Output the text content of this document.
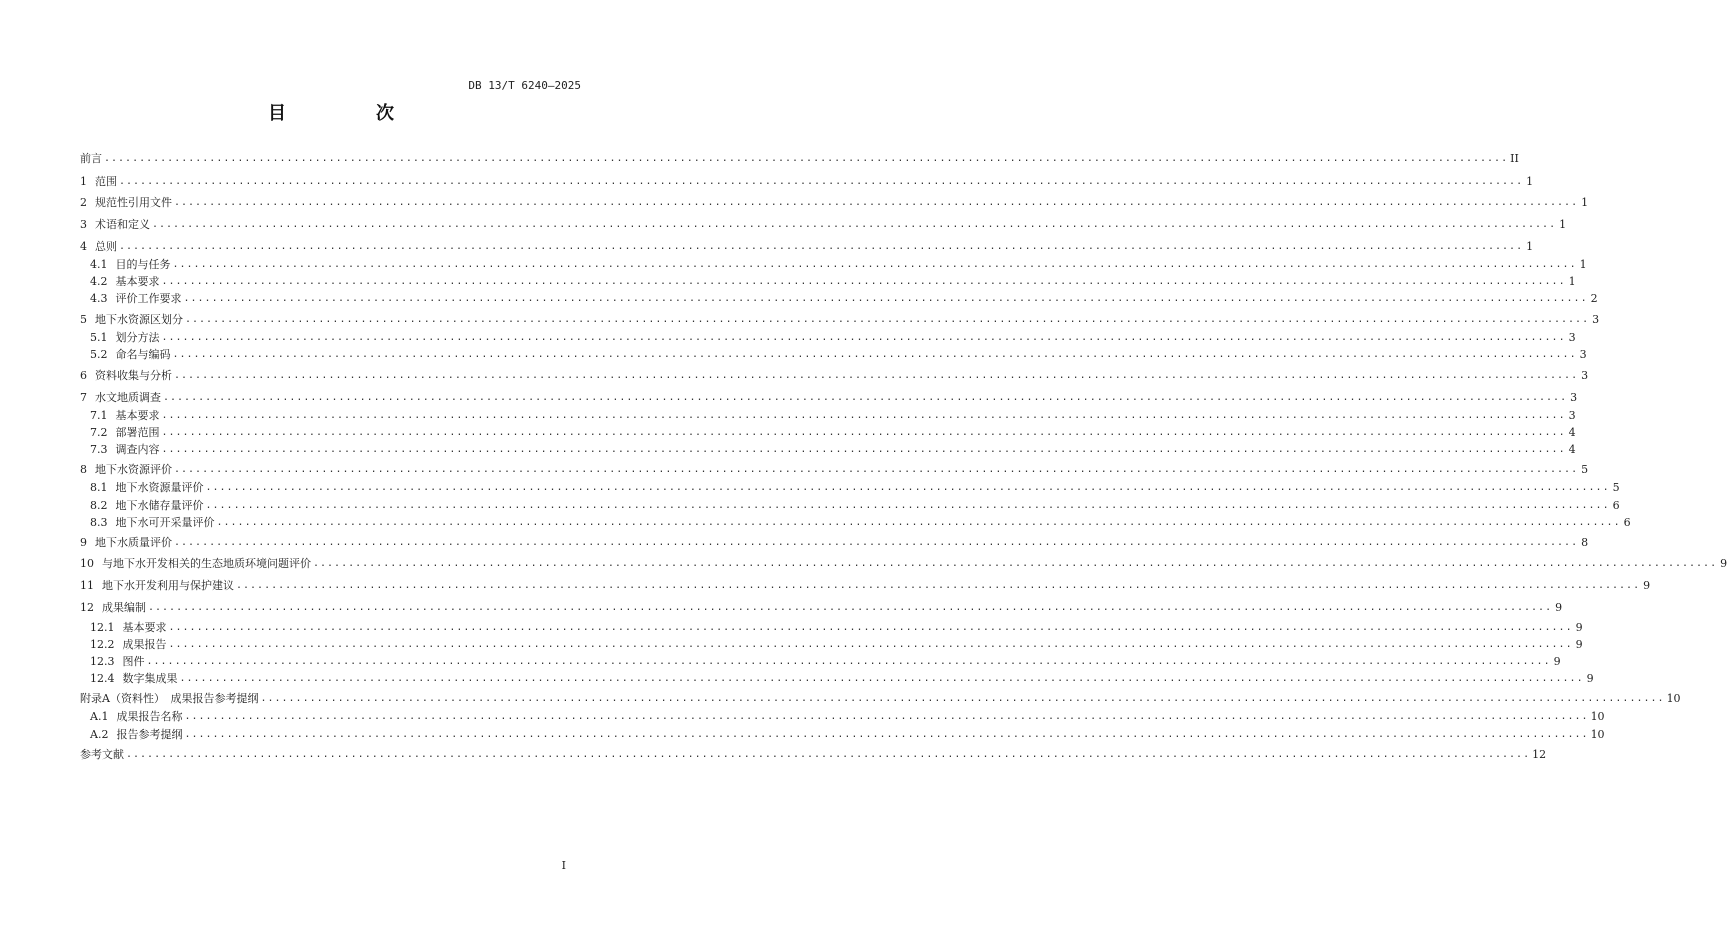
DB 13/T 6240—2025
目　次
前言 ........................................................................................................................................................................................................ II
1 范围 ........................................................................................................................................................................................................ 1
2 规范性引用文件 ........................................................................................................................................................................................................ 1
3 术语和定义 ........................................................................................................................................................................................................ 1
4 总则 ........................................................................................................................................................................................................ 1
4.1 目的与任务 ........................................................................................................................................................................................................ 1
4.2 基本要求 ........................................................................................................................................................................................................ 1
4.3 评价工作要求 ........................................................................................................................................................................................................ 2
5 地下水资源区划分 ........................................................................................................................................................................................................ 3
5.1 划分方法 ........................................................................................................................................................................................................ 3
5.2 命名与编码 ........................................................................................................................................................................................................ 3
6 资料收集与分析 ........................................................................................................................................................................................................ 3
7 水文地质调查 ........................................................................................................................................................................................................ 3
7.1 基本要求 ........................................................................................................................................................................................................ 3
7.2 部署范围 ........................................................................................................................................................................................................ 4
7.3 调查内容 ........................................................................................................................................................................................................ 4
8 地下水资源评价 ........................................................................................................................................................................................................ 5
8.1 地下水资源量评价 ........................................................................................................................................................................................................ 5
8.2 地下水储存量评价 ........................................................................................................................................................................................................ 6
8.3 地下水可开采量评价 ........................................................................................................................................................................................................ 6
9 地下水质量评价 ........................................................................................................................................................................................................ 8
10 与地下水开发相关的生态地质环境问题评价 ........................................................................................................................................................................................................ 9
11 地下水开发利用与保护建议 ........................................................................................................................................................................................................ 9
12 成果编制 ........................................................................................................................................................................................................ 9
12.1 基本要求 ........................................................................................................................................................................................................ 9
12.2 成果报告 ........................................................................................................................................................................................................ 9
12.3 图件 ........................................................................................................................................................................................................ 9
12.4 数字集成果 ........................................................................................................................................................................................................ 9
附录A（资料性）　成果报告参考提纲 ........................................................................................................................................................................................................ 10
A.1 成果报告名称 ........................................................................................................................................................................................................ 10
A.2 报告参考提纲 ........................................................................................................................................................................................................ 10
参考文献 ........................................................................................................................................................................................................ 12
I
